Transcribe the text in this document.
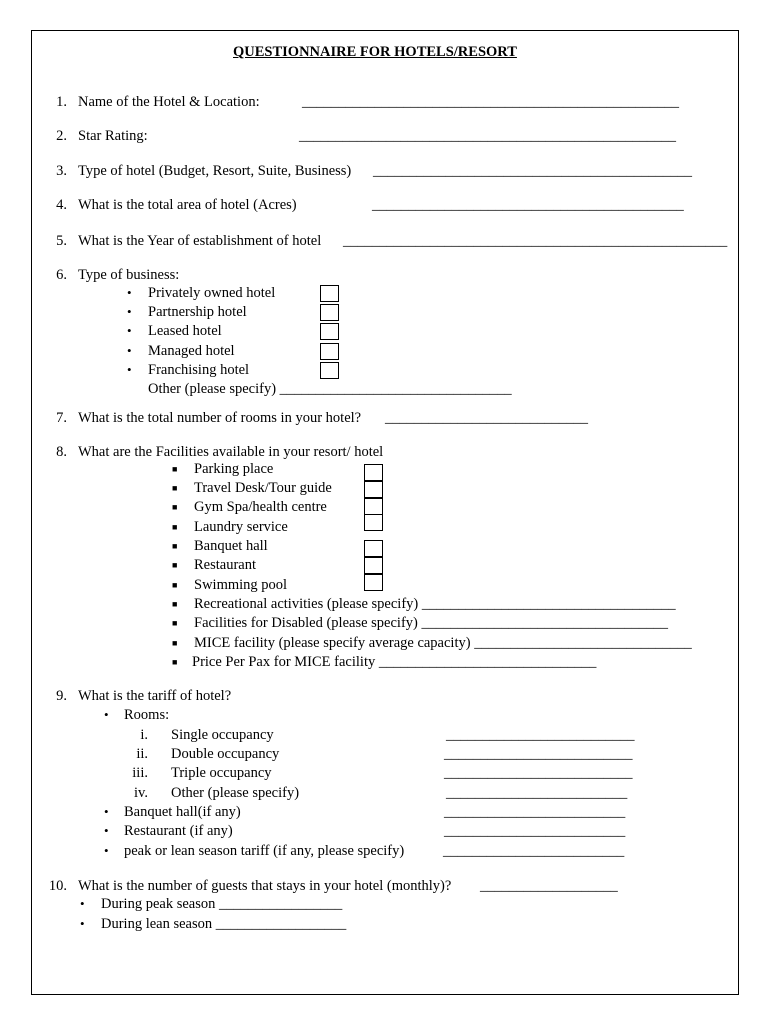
QUESTIONNAIRE FOR HOTELS/RESORT
1. Name of the Hotel & Location:	____________________________________________________
2. Star Rating:	____________________________________________________
3. Type of hotel (Budget, Resort, Suite, Business) ____________________________________________
4. What is the total area of hotel (Acres)	___________________________________________
5. What is the Year of establishment of hotel _____________________________________________________
6. Type of business:
• Privately owned hotel
• Partnership hotel
• Leased hotel
• Managed hotel
• Franchising hotel
Other (please specify) ________________________________
7. What is the total number of rooms in your hotel? ____________________________
8. What are the Facilities available in your resort/ hotel
■ Parking place
■ Travel Desk/Tour guide
■ Gym Spa/health centre
■ Laundry service
■ Banquet hall
■ Restaurant
■ Swimming pool
■ Recreational activities (please specify) ___________________________________
■ Facilities for Disabled (please specify) __________________________________
■ MICE facility (please specify average capacity) ______________________________
■ Price Per Pax for MICE facility ______________________________
9. What is the tariff of hotel?
• Rooms:
i. Single occupancy	__________________________
ii. Double occupancy	__________________________
iii. Triple occupancy	__________________________
iv. Other (please specify)	_________________________
• Banquet hall(if any)	_________________________
• Restaurant (if any)	_________________________
• peak or lean season tariff (if any, please specify)	_________________________
10. What is the number of guests that stays in your hotel (monthly)? ___________________
• During peak season _________________
• During lean season __________________
